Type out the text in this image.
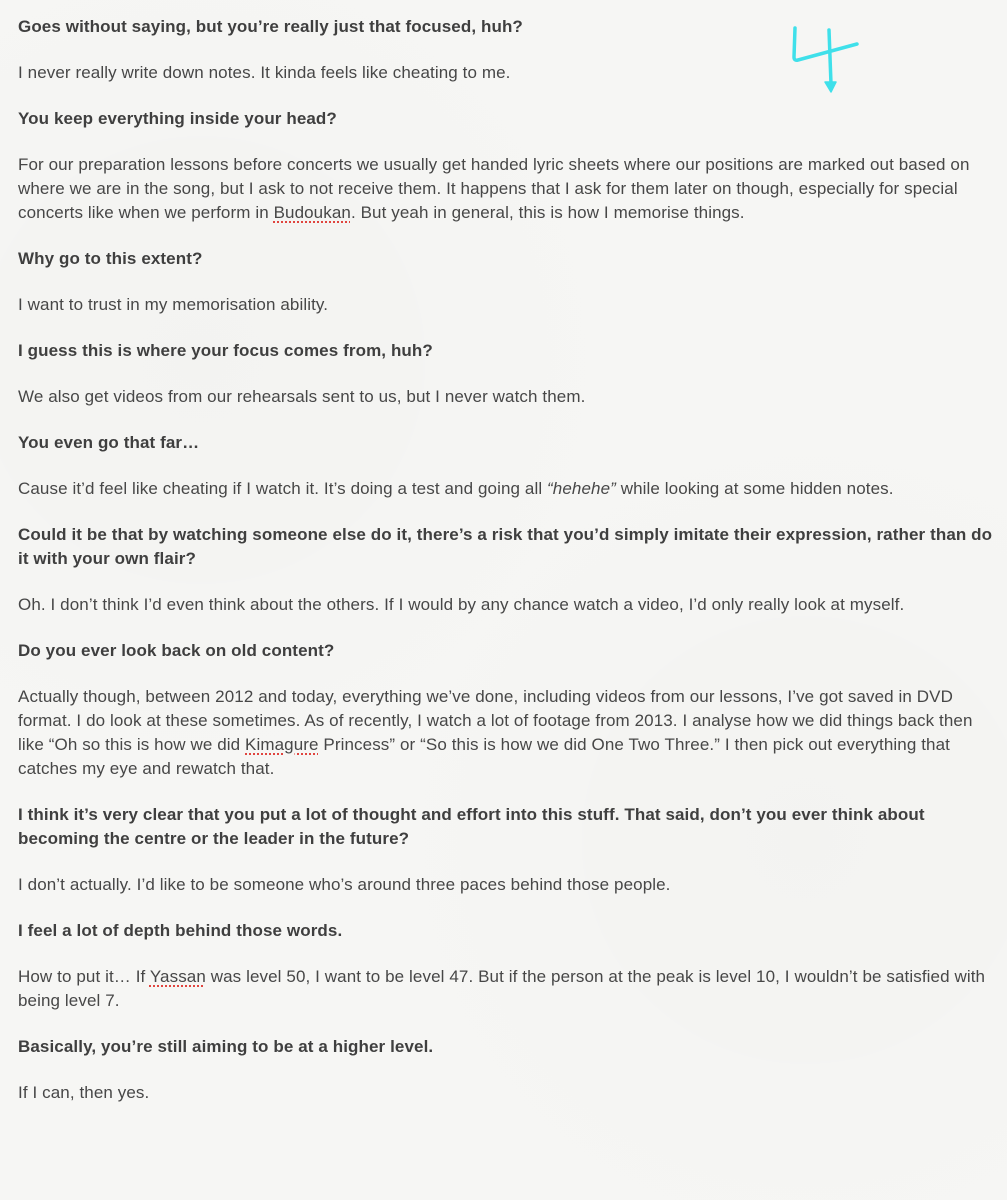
Goes without saying, but you’re really just that focused, huh?

I never really write down notes. It kinda feels like cheating to me.

You keep everything inside your head?

For our preparation lessons before concerts we usually get handed lyric sheets where our positions are marked out based on where we are in the song, but I ask to not receive them. It happens that I ask for them later on though, especially for special concerts like when we perform in Budoukan. But yeah in general, this is how I memorise things.

Why go to this extent?

I want to trust in my memorisation ability.

I guess this is where your focus comes from, huh?

We also get videos from our rehearsals sent to us, but I never watch them.

You even go that far…

Cause it’d feel like cheating if I watch it. It’s doing a test and going all “hehehe” while looking at some hidden notes.

Could it be that by watching someone else do it, there’s a risk that you’d simply imitate their expression, rather than do it with your own flair?

Oh. I don’t think I’d even think about the others. If I would by any chance watch a video, I’d only really look at myself.

Do you ever look back on old content?

Actually though, between 2012 and today, everything we’ve done, including videos from our lessons, I’ve got saved in DVD format. I do look at these sometimes. As of recently, I watch a lot of footage from 2013. I analyse how we did things back then like “Oh so this is how we did Kimagure Princess” or “So this is how we did One Two Three.” I then pick out everything that catches my eye and rewatch that.

I think it’s very clear that you put a lot of thought and effort into this stuff. That said, don’t you ever think about becoming the centre or the leader in the future?

I don’t actually. I’d like to be someone who’s around three paces behind those people.

I feel a lot of depth behind those words.

How to put it… If Yassan was level 50, I want to be level 47. But if the person at the peak is level 10, I wouldn’t be satisfied with being level 7.

Basically, you’re still aiming to be at a higher level.

If I can, then yes.
